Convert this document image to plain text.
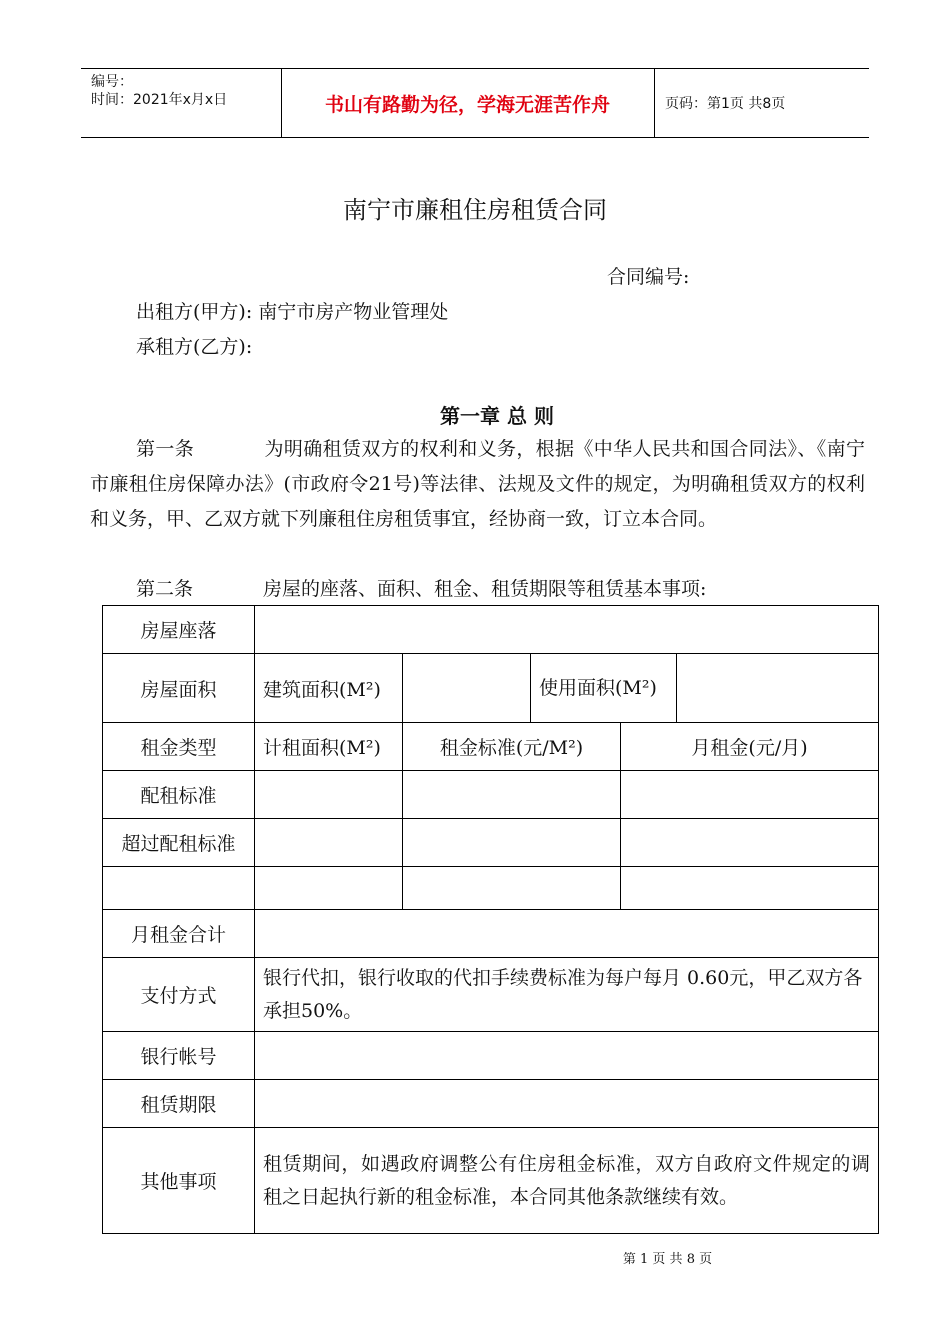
编号：
时间：2021年x月x日	书山有路勤为径，学海无涯苦作舟	页码：第1页 共8页
南宁市廉租住房租赁合同
合同编号:
出租方(甲方): 南宁市房产物业管理处
承租方(乙方):
第一章 总 则
第一条	为明确租赁双方的权利和义务，根据《中华人民共和国合同法》、《南宁市廉租住房保障办法》(市政府令21号)等法律、法规及文件的规定，为明确租赁双方的权利和义务，甲、乙双方就下列廉租住房租赁事宜，经协商一致，订立本合同。
第二条	房屋的座落、面积、租金、租赁期限等租赁基本事项:
房屋座落					
房屋面积	建筑面积(M²)		使用面积(M²)		
租金类型	计租面积(M²)	租金标准(元/M²)		月租金(元/月)	
配租标准					
超过配租标准					

月租金合计					
支付方式	银行代扣，银行收取的代扣手续费标准为每户每月 0.60元，甲乙双方各承担50%。				
银行帐号					
租赁期限					
其他事项	租赁期间，如遇政府调整公有住房租金标准，双方自政府文件规定的调租之日起执行新的租金标准，本合同其他条款继续有效。				
第 1 页 共 8 页
